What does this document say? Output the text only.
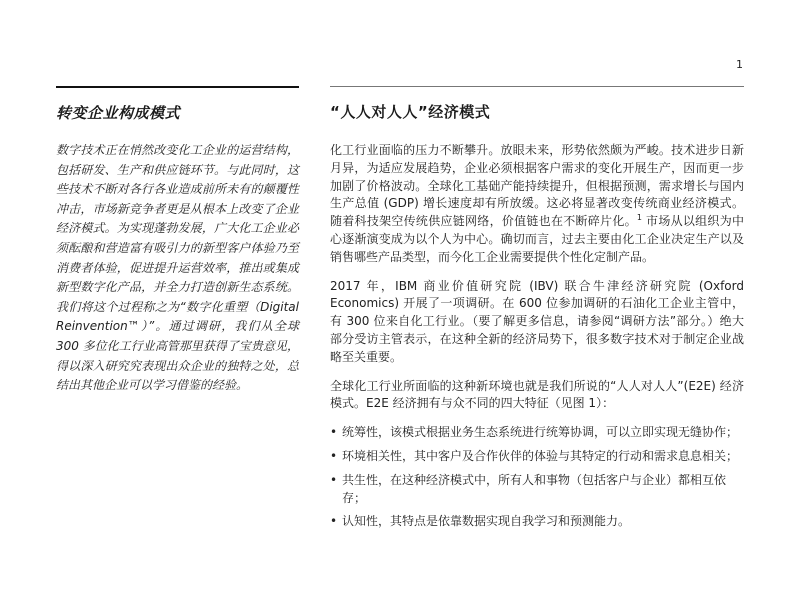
1
转变企业构成模式

数字技术正在悄然改变化工企业的运营结构，包括研发、生产和供应链环节。与此同时，这些技术不断对各行各业造成前所未有的颠覆性冲击，市场新竞争者更是从根本上改变了企业经济模式。为实现蓬勃发展，广大化工企业必须酝酿和营造富有吸引力的新型客户体验乃至消费者体验，促进提升运营效率，推出或集成新型数字化产品，并全力打造创新生态系统。我们将这个过程称之为“数字化重塑（Digital Reinvention™）”。通过调研，我们从全球 300 多位化工行业高管那里获得了宝贵意见，得以深入研究究表现出众企业的独特之处，总结出其他企业可以学习借鉴的经验。

“人人对人人”经济模式

化工行业面临的压力不断攀升。放眼未来，形势依然颇为严峻。技术进步日新月异，为适应发展趋势，企业必须根据客户需求的变化开展生产，因而更一步加剧了价格波动。全球化工基础产能持续提升，但根据预测，需求增长与国内生产总值 (GDP) 增长速度却有所放缓。这必将显著改变传统商业经济模式。随着科技架空传统供应链网络，价值链也在不断碎片化。$^1$ 市场从以组织为中心逐渐演变成为以个人为中心。确切而言，过去主要由化工企业决定生产以及销售哪些产品类型，而今化工企业需要提供个性化定制产品。

2017 年，IBM 商业价值研究院 (IBV) 联合牛津经济研究院 (Oxford Economics) 开展了一项调研。在 600 位参加调研的石油化工企业主管中，有 300 位来自化工行业。（要了解更多信息，请参阅“调研方法”部分。）绝大部分受访主管表示，在这种全新的经济局势下，很多数字技术对于制定企业战略至关重要。

全球化工行业所面临的这种新环境也就是我们所说的“人人对人人”(E2E) 经济模式。E2E 经济拥有与众不同的四大特征（见图 1）：

• 统筹性，该模式根据业务生态系统进行统筹协调，可以立即实现无缝协作；
• 环境相关性，其中客户及合作伙伴的体验与其特定的行动和需求息息相关；
• 共生性，在这种经济模式中，所有人和事物（包括客户与企业）都相互依存；
• 认知性，其特点是依靠数据实现自我学习和预测能力。
